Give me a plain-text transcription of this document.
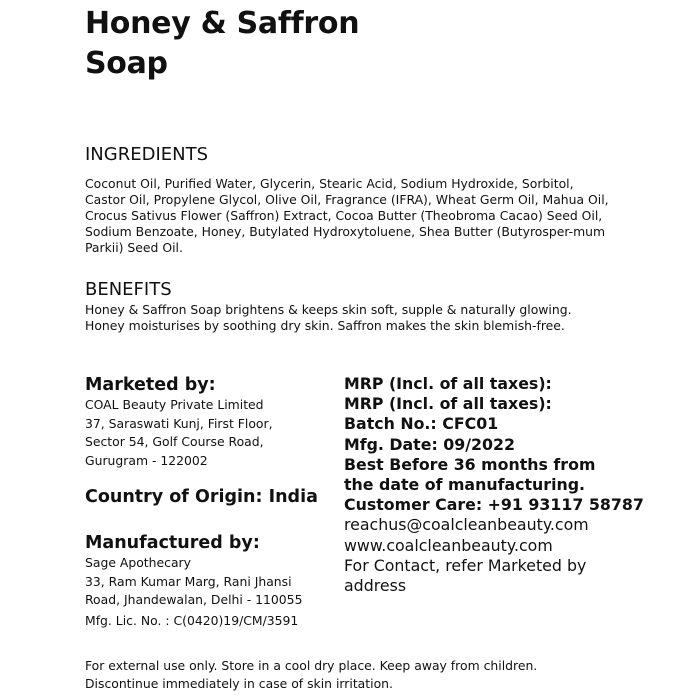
Honey & Saffron
Soap
INGREDIENTS

Coconut Oil, Purified Water, Glycerin, Stearic Acid, Sodium Hydroxide, Sorbitol, Castor Oil, Propylene Glycol, Olive Oil, Fragrance (IFRA), Wheat Germ Oil, Mahua Oil, Crocus Sativus Flower (Saffron) Extract, Cocoa Butter (Theobroma Cacao) Seed Oil, Sodium Benzoate, Honey, Butylated Hydroxytoluene, Shea Butter (Butyrosper-mum Parkii) Seed Oil.

BENEFITS

Honey & Saffron Soap brightens & keeps skin soft, supple & naturally glowing. Honey moisturises by soothing dry skin. Saffron makes the skin blemish-free.

Marketed by:

COAL Beauty Private Limited
37, Saraswati Kunj, First Floor,
Sector 54, Golf Course Road,
Gurugram - 122002

Country of Origin: India
Manufactured by:

Sage Apothecary
33, Ram Kumar Marg, Rani Jhansi
Road, Jhandewalan, Delhi - 110055
Mfg. Lic. No. : C(0420)19/CM/3591

MRP (Incl. of all taxes):
MRP (Incl. of all taxes):
Batch No.: CFC01
Mfg. Date: 09/2022
Best Before 36 months from
the date of manufacturing.
Customer Care: +91 93117 58787
reachus@coalcleanbeauty.com
www.coalcleanbeauty.com
For Contact, refer Marketed by
address

For external use only. Store in a cool dry place. Keep away from children.
Discontinue immediately in case of skin irritation.
